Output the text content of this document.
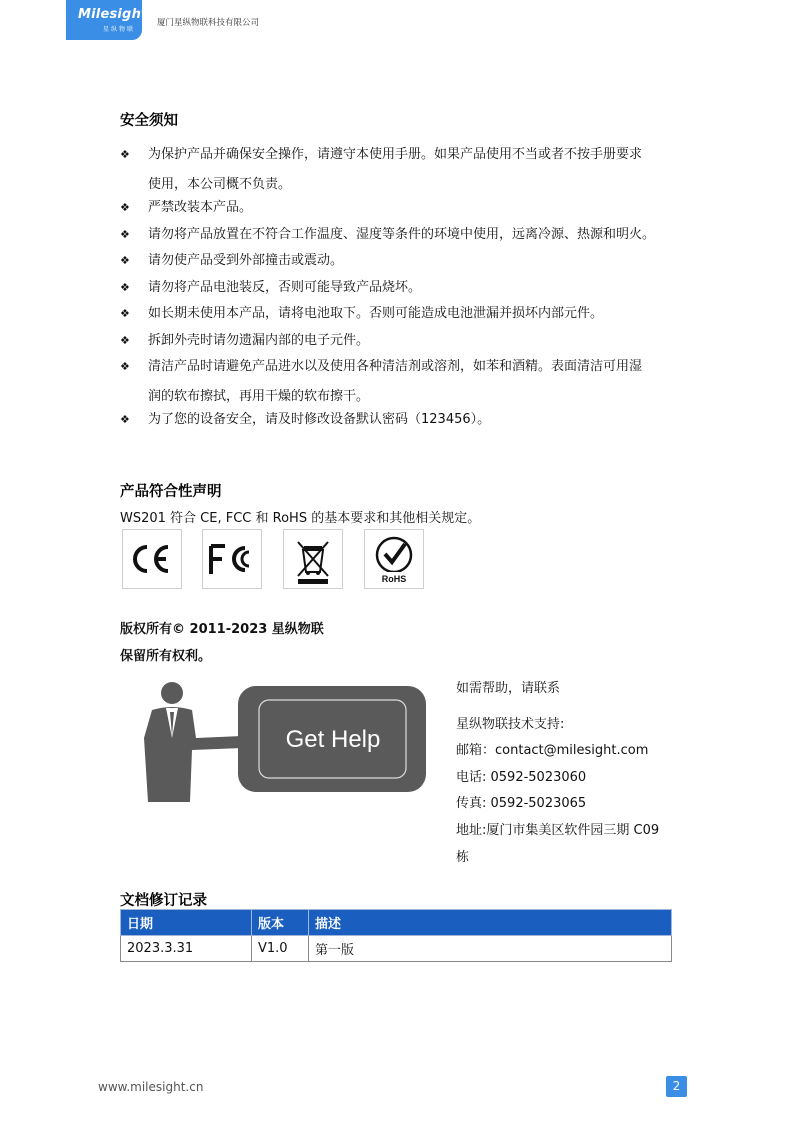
Milesight
星纵物联
厦门星纵物联科技有限公司
安全须知
❖ 为保护产品并确保安全操作，请遵守本使用手册。如果产品使用不当或者不按手册要求
使用，本公司概不负责。
❖ 严禁改装本产品。
❖ 请勿将产品放置在不符合工作温度、湿度等条件的环境中使用，远离冷源、热源和明火。
❖ 请勿使产品受到外部撞击或震动。
❖ 请勿将产品电池装反，否则可能导致产品烧坏。
❖ 如长期未使用本产品，请将电池取下。否则可能造成电池泄漏并损坏内部元件。
❖ 拆卸外壳时请勿遗漏内部的电子元件。
❖ 清洁产品时请避免产品进水以及使用各种清洁剂或溶剂，如苯和酒精。表面清洁可用湿
润的软布擦拭，再用干燥的软布擦干。
❖ 为了您的设备安全，请及时修改设备默认密码（123456）。
产品符合性声明
WS201 符合 CE, FCC 和 RoHS 的基本要求和其他相关规定。
RoHS
版权所有© 2011-2023 星纵物联
保留所有权利。
Get Help
如需帮助，请联系
星纵物联技术支持:
邮箱：contact@milesight.com
电话: 0592-5023060
传真: 0592-5023065
地址:厦门市集美区软件园三期 C09
栋
文档修订记录
日期	版本	描述
2023.3.31	V1.0	第一版
www.milesight.cn	2
